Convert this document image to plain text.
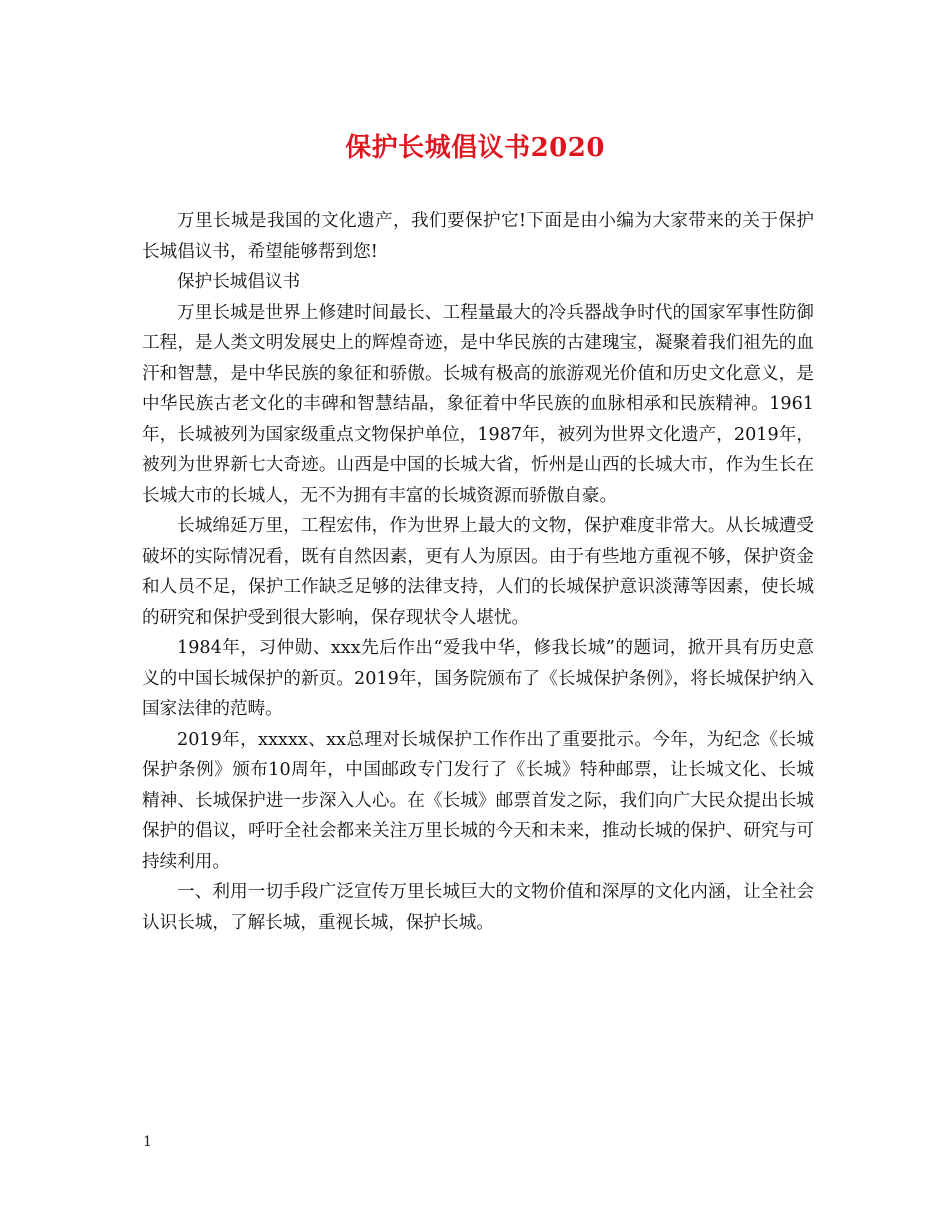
保护长城倡议书2020

万里长城是我国的文化遗产，我们要保护它!下面是由小编为大家带来的关于保护长城倡议书，希望能够帮到您!

保护长城倡议书

万里长城是世界上修建时间最长、工程量最大的冷兵器战争时代的国家军事性防御工程，是人类文明发展史上的辉煌奇迹，是中华民族的古建瑰宝，凝聚着我们祖先的血汗和智慧，是中华民族的象征和骄傲。长城有极高的旅游观光价值和历史文化意义，是中华民族古老文化的丰碑和智慧结晶，象征着中华民族的血脉相承和民族精神。1961年，长城被列为国家级重点文物保护单位，1987年，被列为世界文化遗产，2019年，被列为世界新七大奇迹。山西是中国的长城大省，忻州是山西的长城大市，作为生长在长城大市的长城人，无不为拥有丰富的长城资源而骄傲自豪。

长城绵延万里，工程宏伟，作为世界上最大的文物，保护难度非常大。从长城遭受破坏的实际情况看，既有自然因素，更有人为原因。由于有些地方重视不够，保护资金和人员不足，保护工作缺乏足够的法律支持，人们的长城保护意识淡薄等因素，使长城的研究和保护受到很大影响，保存现状令人堪忧。

1984年，习仲勋、xxx先后作出“爱我中华，修我长城”的题词，掀开具有历史意义的中国长城保护的新页。2019年，国务院颁布了《长城保护条例》，将长城保护纳入国家法律的范畴。

2019年，xxxxx、xx总理对长城保护工作作出了重要批示。今年，为纪念《长城保护条例》颁布10周年，中国邮政专门发行了《长城》特种邮票，让长城文化、长城精神、长城保护进一步深入人心。在《长城》邮票首发之际，我们向广大民众提出长城保护的倡议，呼吁全社会都来关注万里长城的今天和未来，推动长城的保护、研究与可持续利用。

一、利用一切手段广泛宣传万里长城巨大的文物价值和深厚的文化内涵，让全社会认识长城，了解长城，重视长城，保护长城。

1
